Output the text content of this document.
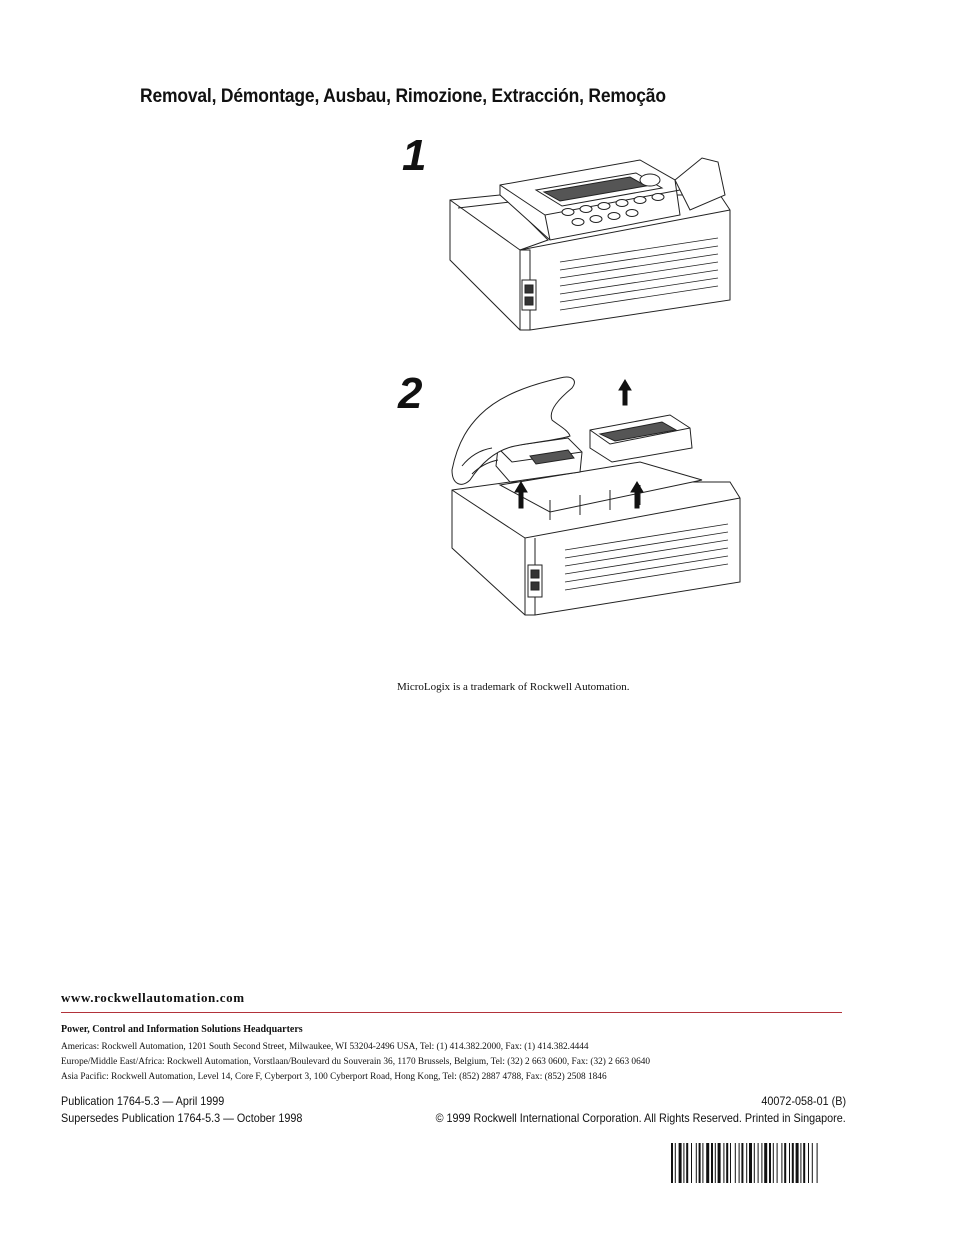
Removal, Démontage, Ausbau, Rimozione, Extracción, Remoção
1
2
MicroLogix is a trademark of Rockwell Automation.
www.rockwellautomation.com
Power, Control and Information Solutions Headquarters
Americas: Rockwell Automation, 1201 South Second Street, Milwaukee, WI 53204-2496 USA, Tel: (1) 414.382.2000, Fax: (1) 414.382.4444
Europe/Middle East/Africa: Rockwell Automation, Vorstlaan/Boulevard du Souverain 36, 1170 Brussels, Belgium, Tel: (32) 2 663 0600, Fax: (32) 2 663 0640
Asia Pacific: Rockwell Automation, Level 14, Core F, Cyberport 3, 100 Cyberport Road, Hong Kong, Tel: (852) 2887 4788, Fax: (852) 2508 1846
Publication 1764-5.3 — April 1999
Supersedes Publication 1764-5.3 — October 1998
40072-058-01 (B)
© 1999 Rockwell International Corporation. All Rights Reserved. Printed in Singapore.
